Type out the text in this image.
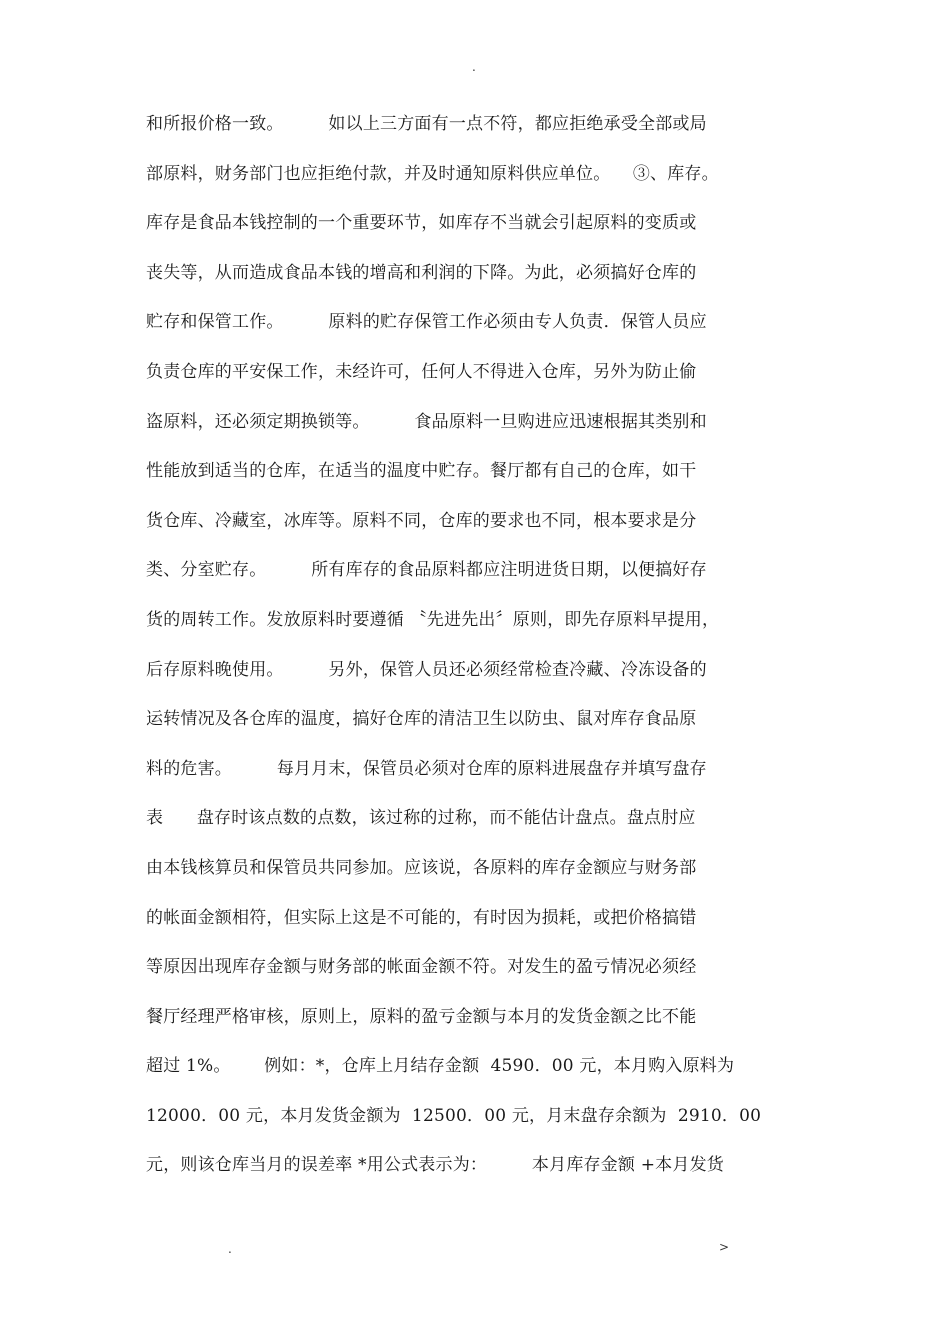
.
和所报价格一致。        如以上三方面有一点不符，都应拒绝承受全部或局
部原料，财务部门也应拒绝付款，并及时通知原料供应单位。    ③、库存。
库存是食品本钱控制的一个重要环节，如库存不当就会引起原料的变质或
丧失等，从而造成食品本钱的增高和利润的下降。为此，必须搞好仓库的
贮存和保管工作。        原料的贮存保管工作必须由专人负责．保管人员应
负责仓库的平安保工作，未经许可，任何人不得进入仓库，另外为防止偷
盗原料，还必须定期换锁等。        食品原料一旦购进应迅速根据其类别和
性能放到适当的仓库，在适当的温度中贮存。餐厅都有自己的仓库，如干
货仓库、冷藏室，冰库等。原料不同，仓库的要求也不同，根本要求是分
类、分室贮存。        所有库存的食品原料都应注明进货日期，以便搞好存
货的周转工作。发放原料时要遵循 〝先进先出〞原则，即先存原料早提用，
后存原料晚使用。        另外，保管人员还必须经常检查冷藏、冷冻设备的
运转情况及各仓库的温度，搞好仓库的清洁卫生以防虫、鼠对库存食品原
料的危害。        每月月末，保管员必须对仓库的原料进展盘存并填写盘存
表      盘存时该点数的点数，该过称的过称，而不能估计盘点。盘点肘应
由本钱核算员和保管员共同参加。应该说，各原料的库存金额应与财务部
的帐面金额相符，但实际上这是不可能的，有时因为损耗，或把价格搞错
等原因出现库存金额与财务部的帐面金额不符。对发生的盈亏情况必须经
餐厅经理严格审核，原则上，原料的盈亏金额与本月的发货金额之比不能
超过 1%。      例如：*，仓库上月结存金额  4590．00 元，本月购入原料为
12000．00 元，本月发货金额为  12500．00 元，月末盘存余额为  2910．00
元，则该仓库当月的误差率 *用公式表示为：        本月库存金额 +本月发货
.	>
